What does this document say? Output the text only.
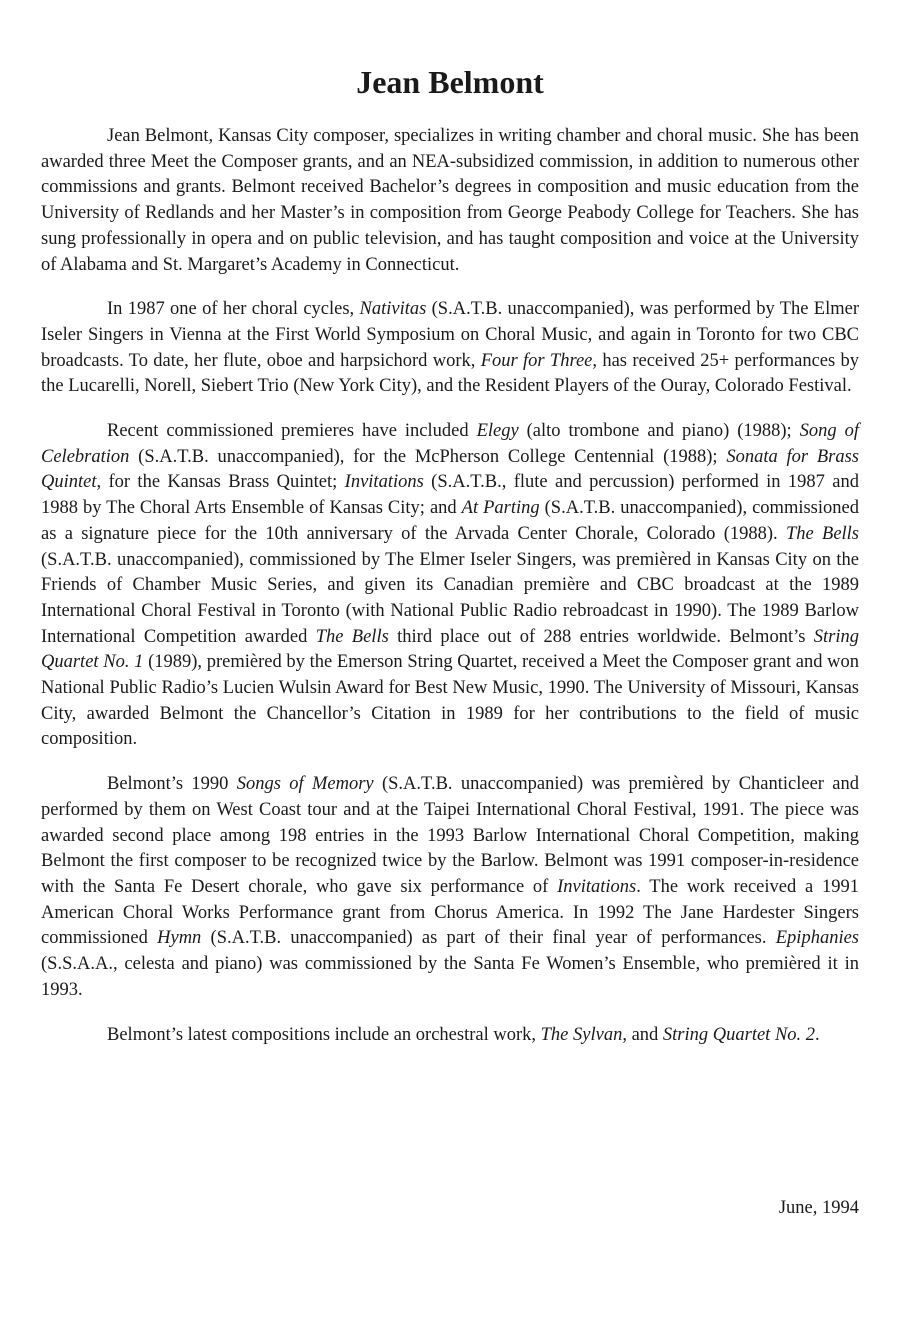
Jean Belmont

Jean Belmont, Kansas City composer, specializes in writing chamber and choral music. She has been awarded three Meet the Composer grants, and an NEA-subsidized commission, in addition to numerous other commissions and grants. Belmont received Bachelor’s degrees in composition and music education from the University of Redlands and her Master’s in composition from George Peabody College for Teachers. She has sung professionally in opera and on public television, and has taught composition and voice at the University of Alabama and St. Margaret’s Academy in Connecticut.

In 1987 one of her choral cycles, Nativitas (S.A.T.B. unaccompanied), was performed by The Elmer Iseler Singers in Vienna at the First World Symposium on Choral Music, and again in Toronto for two CBC broadcasts. To date, her flute, oboe and harpsichord work, Four for Three, has received 25+ performances by the Lucarelli, Norell, Siebert Trio (New York City), and the Resident Players of the Ouray, Colorado Festival.

Recent commissioned premieres have included Elegy (alto trombone and piano) (1988); Song of Celebration (S.A.T.B. unaccompanied), for the McPherson College Centennial (1988); Sonata for Brass Quintet, for the Kansas Brass Quintet; Invitations (S.A.T.B., flute and percussion) performed in 1987 and 1988 by The Choral Arts Ensemble of Kansas City; and At Parting (S.A.T.B. unaccompanied), commissioned as a signature piece for the 10th anniversary of the Arvada Center Chorale, Colorado (1988). The Bells (S.A.T.B. unaccompanied), commissioned by The Elmer Iseler Singers, was premièred in Kansas City on the Friends of Chamber Music Series, and given its Canadian première and CBC broadcast at the 1989 International Choral Festival in Toronto (with National Public Radio rebroadcast in 1990). The 1989 Barlow International Competition awarded The Bells third place out of 288 entries worldwide. Belmont’s String Quartet No. 1 (1989), premièred by the Emerson String Quartet, received a Meet the Composer grant and won National Public Radio’s Lucien Wulsin Award for Best New Music, 1990. The University of Missouri, Kansas City, awarded Belmont the Chancellor’s Citation in 1989 for her contributions to the field of music composition.

Belmont’s 1990 Songs of Memory (S.A.T.B. unaccompanied) was premièred by Chanticleer and performed by them on West Coast tour and at the Taipei International Choral Festival, 1991. The piece was awarded second place among 198 entries in the 1993 Barlow International Choral Competition, making Belmont the first composer to be recognized twice by the Barlow. Belmont was 1991 composer-in-residence with the Santa Fe Desert chorale, who gave six performance of Invitations. The work received a 1991 American Choral Works Performance grant from Chorus America. In 1992 The Jane Hardester Singers commissioned Hymn (S.A.T.B. unaccompanied) as part of their final year of performances. Epiphanies (S.S.A.A., celesta and piano) was commissioned by the Santa Fe Women’s Ensemble, who premièred it in 1993.

Belmont’s latest compositions include an orchestral work, The Sylvan, and String Quartet No. 2.

June, 1994
